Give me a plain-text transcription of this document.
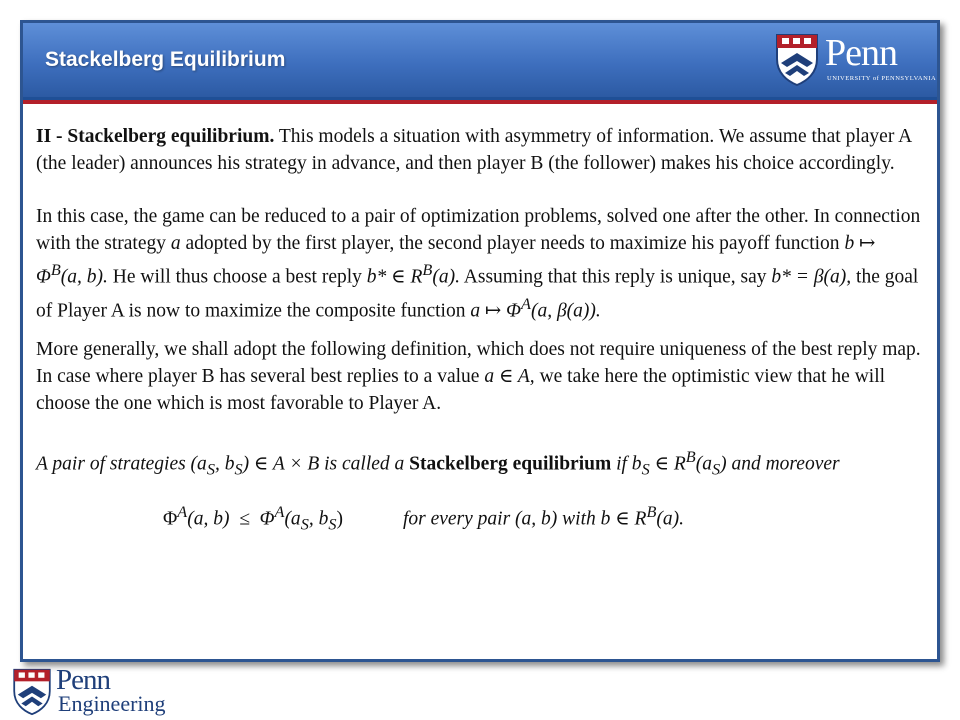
Stackelberg Equilibrium	Penn
UNIVERSITY of PENNSYLVANIA

II - Stackelberg equilibrium. This models a situation with asymmetry of information. We assume that player A (the leader) announces his strategy in advance, and then player B (the follower) makes his choice accordingly.

In this case, the game can be reduced to a pair of optimization problems, solved one after the other. In connection with the strategy a adopted by the first player, the second player needs to maximize his payoff function b ↦ $\Phi^B(a$, b). He will thus choose a best reply b* ∈ $R^B(a)$. Assuming that this reply is unique, say b* = β(a), the goal of Player A is now to maximize the composite function a ↦ $\Phi^A(a$, β(a)).

More generally, we shall adopt the following definition, which does not require uniqueness of the best reply map. In case where player B has several best replies to a value a ∈ A, we take here the optimistic view that he will choose the one which is most favorable to Player A.

A pair of strategies ($a_S$, $b_S$) ∈ A × B is called a Stackelberg equilibrium if $b_S$ ∈ $R^B(a_S)$ and moreover

$\Phi^A(a$, $b) \le \Phi^A(a_S$, $b_S$)	for every pair (a, b) with b ∈ $R^B(a)$.
Penn
Engineering
